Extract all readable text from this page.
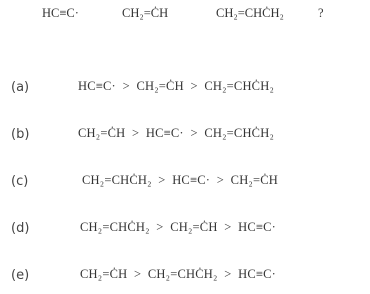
HC≡C·	CH₂=ĊH	CH₂=CHĊH₂	?
(a)	HC≡C·  >  CH₂=ĊH  >  CH₂=CHĊH₂
(b)	CH₂=ĊH  >  HC≡C·  >  CH₂=CHĊH₂
(c)	CH₂=CHĊH₂  >  HC≡C·  >  CH₂=ĊH
(d)	CH₂=CHĊH₂  >  CH₂=ĊH  >  HC≡C·
(e)	CH₂=ĊH  >  CH₂=CHĊH₂  >  HC≡C·
